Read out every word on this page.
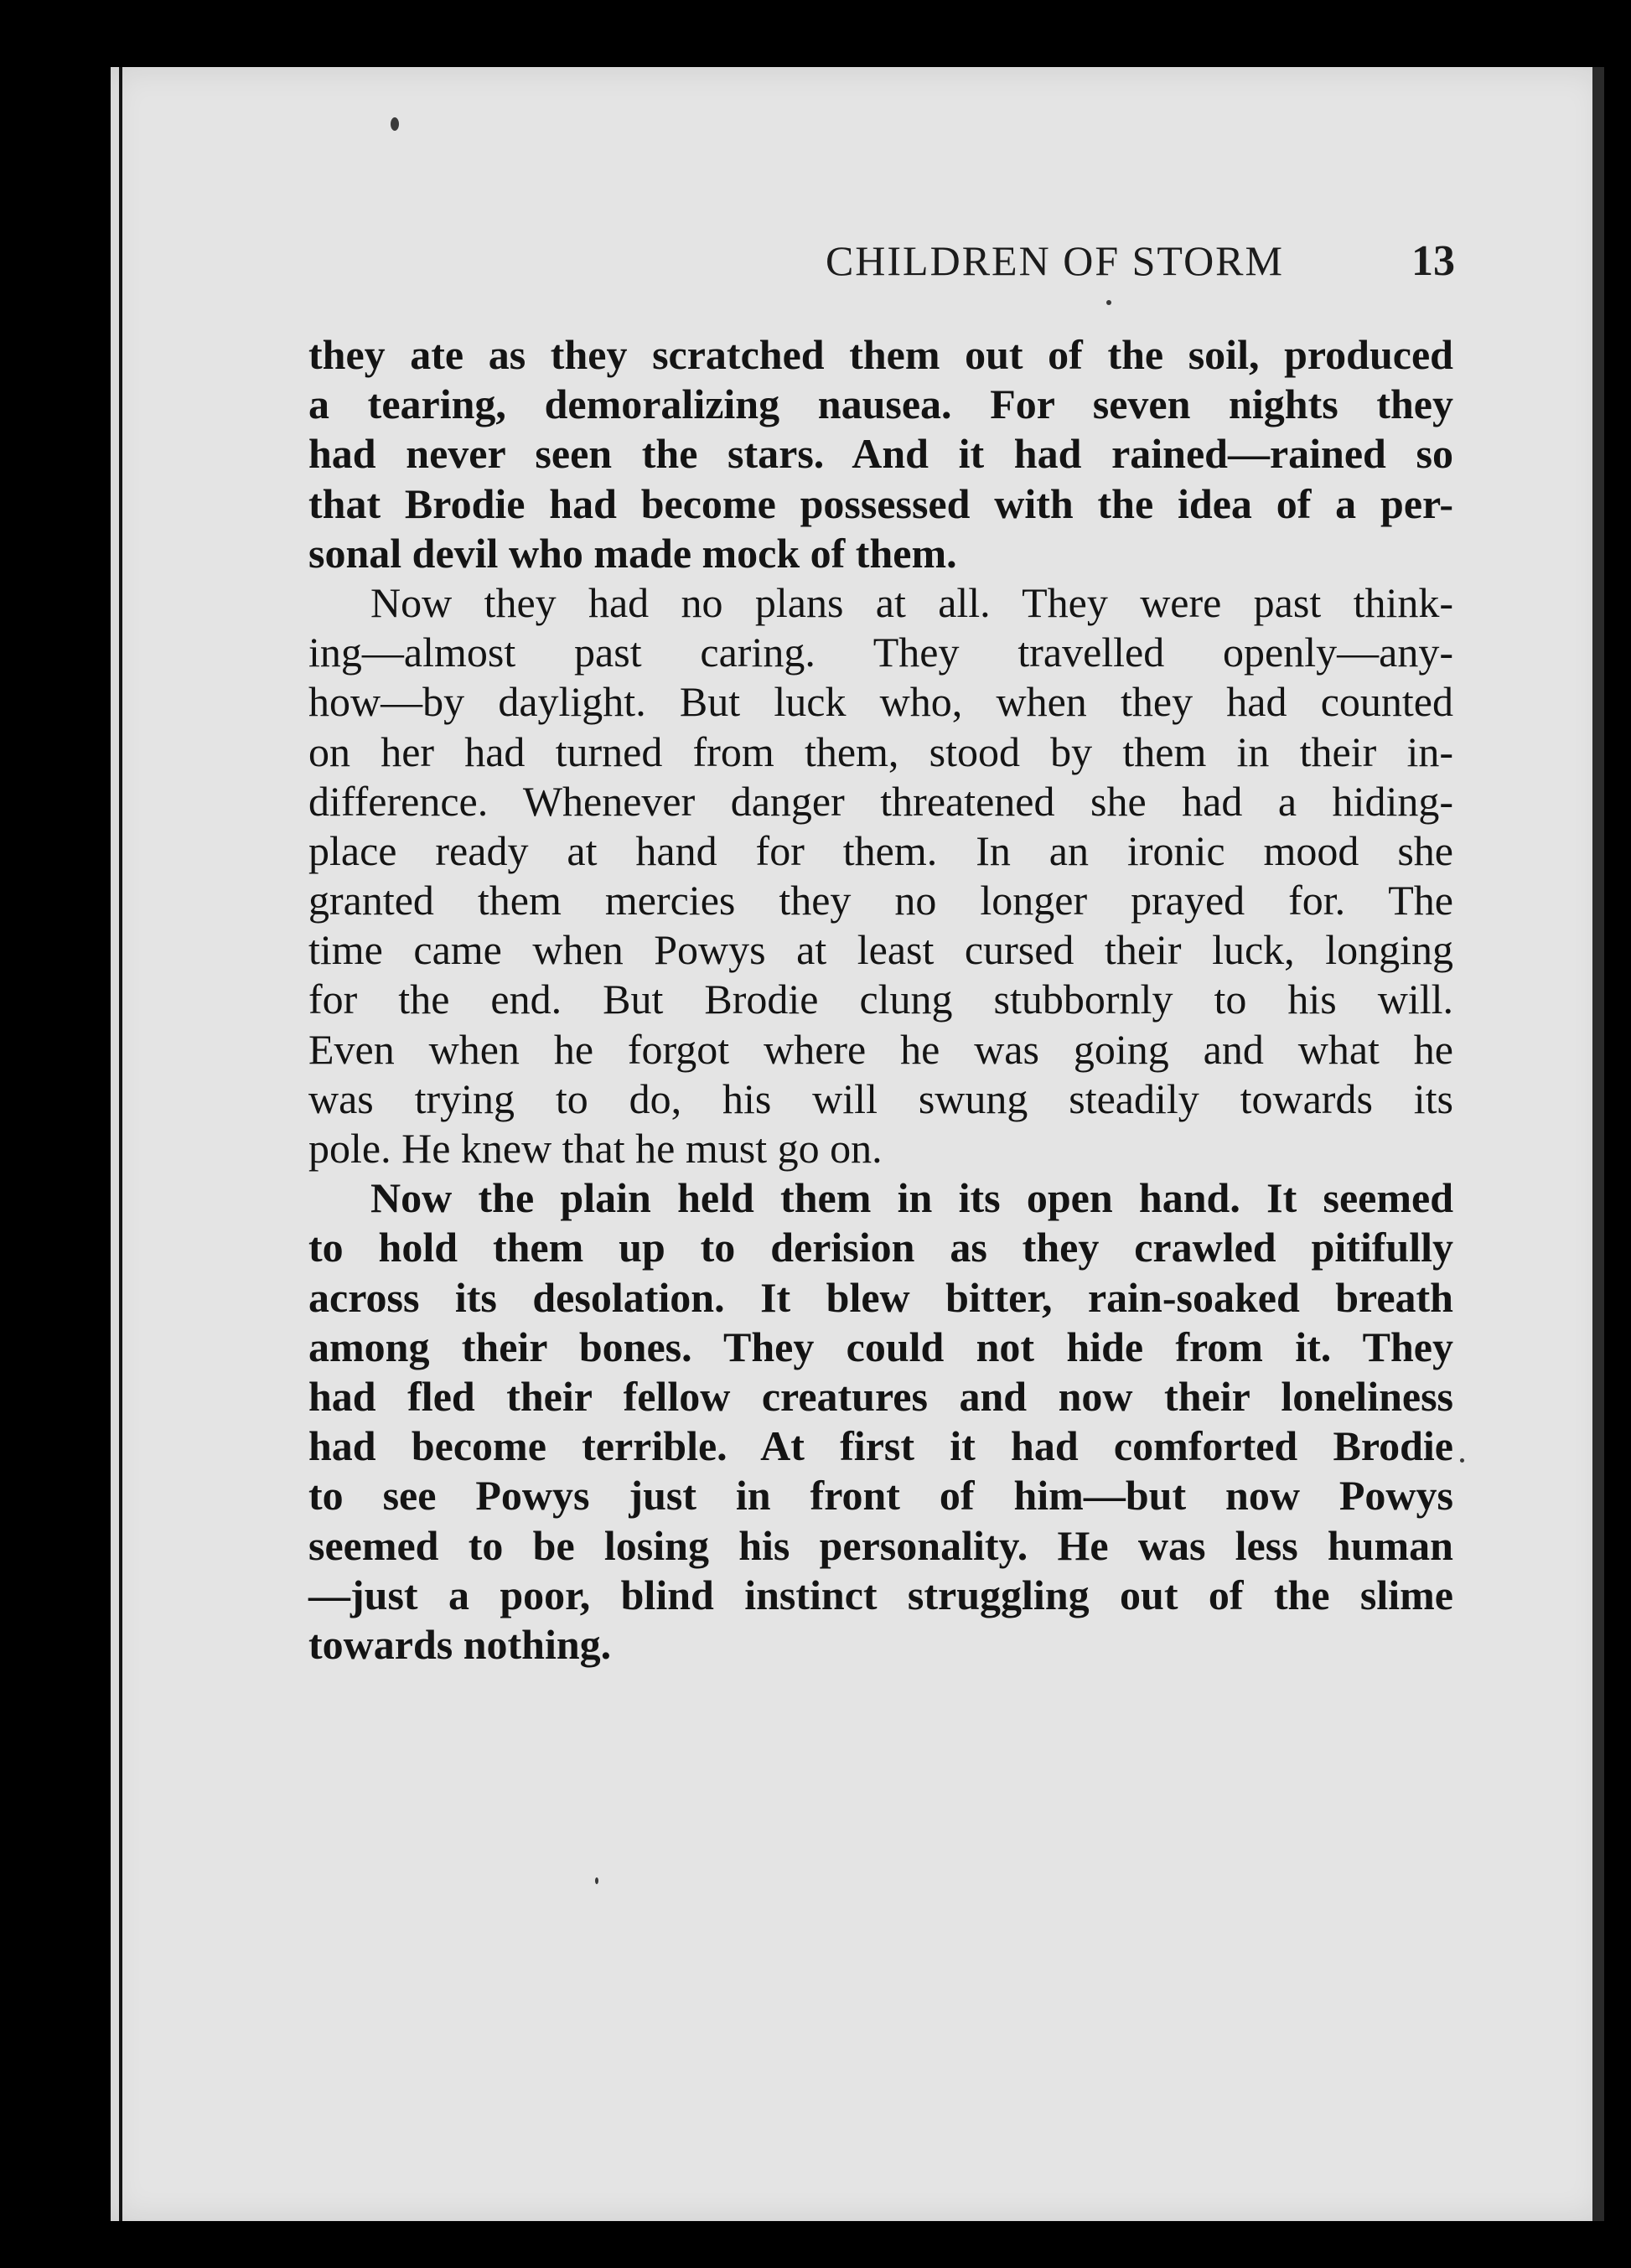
CHILDREN OF STORM	13

they ate as they scratched them out of the soil, produced
a tearing, demoralizing nausea. For seven nights they
had never seen the stars. And it had rained—rained so
that Brodie had become possessed with the idea of a per-
sonal devil who made mock of them.

Now they had no plans at all. They were past think-
ing—almost past caring. They travelled openly—any-
how—by daylight. But luck who, when they had counted
on her had turned from them, stood by them in their in-
difference. Whenever danger threatened she had a hiding-
place ready at hand for them. In an ironic mood she
granted them mercies they no longer prayed for. The
time came when Powys at least cursed their luck, longing
for the end. But Brodie clung stubbornly to his will.
Even when he forgot where he was going and what he
was trying to do, his will swung steadily towards its
pole. He knew that he must go on.

Now the plain held them in its open hand. It seemed
to hold them up to derision as they crawled pitifully
across its desolation. It blew bitter, rain-soaked breath
among their bones. They could not hide from it. They
had fled their fellow creatures and now their loneliness
had become terrible. At first it had comforted Brodie
to see Powys just in front of him—but now Powys
seemed to be losing his personality. He was less human
—just a poor, blind instinct struggling out of the slime
towards nothing.
